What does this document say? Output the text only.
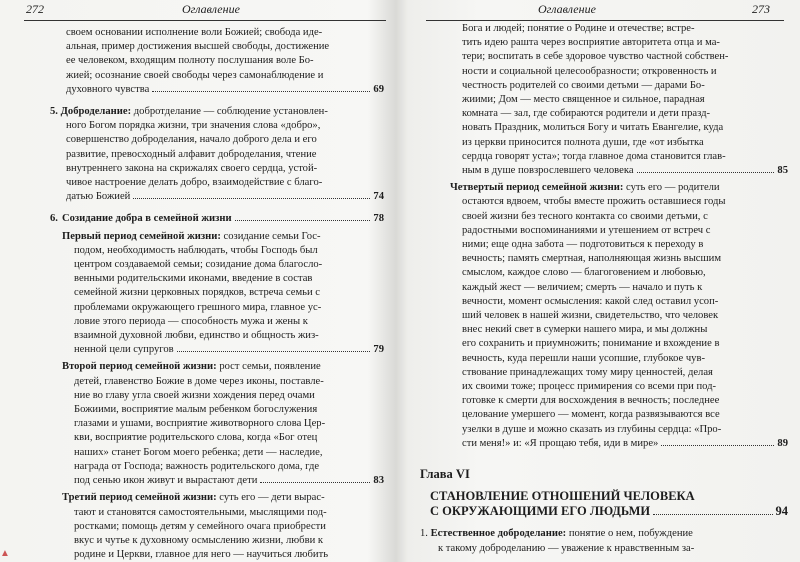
272	Оглавление

своем основании исполнение воли Божией; свобода иде-

альная, пример достижения высшей свободы, достижение

ее человеком, входящим полноту послушания воле Бо-

жией; осознание своей свободы через самонаблюдение и

духовного чувства	69

5. Доброделание: добротделание — соблюдение установлен-

ного Богом порядка жизни, три значения слова «добро»,

совершенство доброделания, начало доброго дела и его

развитие, превосходный алфавит доброделания, чтение

внутреннего закона на скрижалях своего сердца, устой-

чивое настроение делать добро, взаимодействие с благо-

датью Божией	74
6. Созидание добра в семейной жизни	78

Первый период семейной жизни: созидание семьи Гос-

подом, необходимость наблюдать, чтобы Господь был

центром создаваемой семьи; созидание дома благосло-

венными родительскими иконами, введение в состав

семейной жизни церковных порядков, встреча семьи с

проблемами окружающего грешного мира, главное ус-

ловие этого периода — способность мужа и жены к

взаимной духовной любви, единство и общность жиз-

ненной цели супругов	79

Второй период семейной жизни: рост семьи, появление

детей, главенство Божие в доме через иконы, поставле-

ние во главу угла своей жизни хождения перед очами

Божиими, восприятие малым ребенком богослужения

глазами и ушами, восприятие животворного слова Цер-

кви, восприятие родительского слова, когда «Бог отец

наших» станет Богом моего ребенка; дети — наследие,

награда от Господа; важность родительского дома, где

под сенью икон живут и вырастают дети	83

Третий период семейной жизни: суть его — дети вырас-

тают и становятся самостоятельными, мыслящими под-

ростками; помощь детям у семейного очага приобрести

вкус и чутье к духовному осмыслению жизни, любви к

родине и Церкви, главное для него — научиться любить

▲
Оглавление	273

Бога и людей; понятие о Родине и отечестве; встре-

тить идею рашта через восприятие авторитета отца и ма-

тери; воспитать в себе здоровое чувство частной собствен-

ности и социальной целесообразности; откровенность и

честность родителей со своими детьми — дарами Бо-

жиими; Дом — место священное и сильное, парадная

комната — зал, где собираются родители и дети празд-

новать Праздник, молиться Богу и читать Евангелие, куда

из церкви приносится полнота души, где «от избытка

сердца говорят уста»; тогда главное дома становится глав-

ным в душе повзрослевшего человека	85

Четвертый период семейной жизни: суть его — родители

остаются вдвоем, чтобы вместе прожить оставшиеся годы

своей жизни без тесного контакта со своими детьми, с

радостными воспоминаниями и утешением от встреч с

ними; еще одна забота — подготовиться к переходу в

вечность; память смертная, наполняющая жизнь высшим

смыслом, каждое слово — благоговением и любовью,

каждый жест — величием; смерть — начало и путь к

вечности, момент осмысления: какой след оставил усоп-

ший человек в нашей жизни, свидетельство, что человек

внес некий свет в сумерки нашего мира, и мы должны

его сохранить и приумножить; понимание и вхождение в

вечность, куда перешли наши усопшие, глубокое чув-

ствование принадлежащих тому миру ценностей, делая

их своими тоже; процесс примирения со всеми при под-

готовке к смерти для восхождения в вечность; последнее

целование умершего — момент, когда развязываются все

узелки в душе и можно сказать из глубины сердца: «Про-

сти меня!» и: «Я прощаю тебя, иди в мире»	89
Глава VI
СТАНОВЛЕНИЕ ОТНОШЕНИЙ ЧЕЛОВЕКА
С ОКРУЖАЮЩИМИ ЕГО ЛЮДЬМИ	94

1. Естественное доброделание: понятие о нем, побуждение

к такому доброделанию — уважение к нравственным за-
